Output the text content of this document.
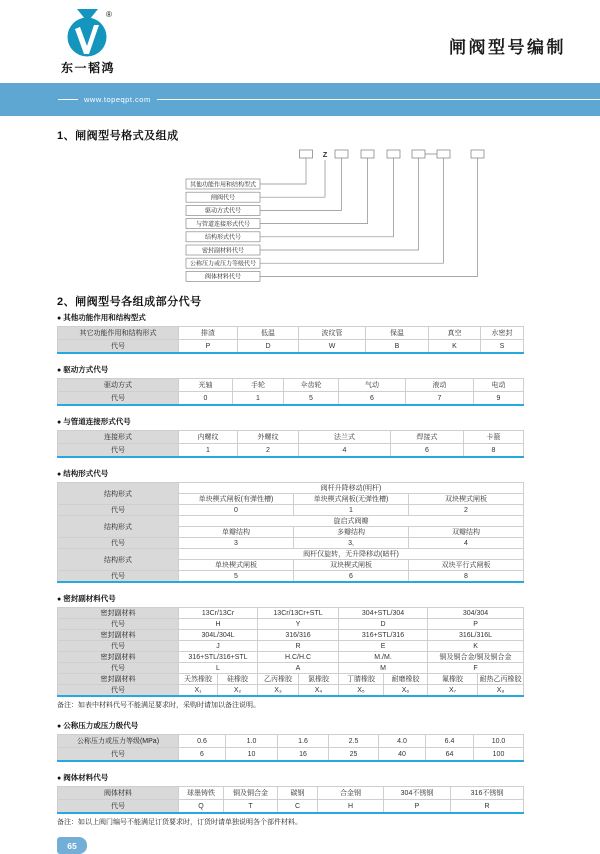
东一韬鸿
®
闸阀型号编制
www.topeqpt.com
1、闸阀型号格式及组成
Z
其他功能作用和结构型式
闸阀代号
驱动方式代号
与管道连接形式代号
结构形式代号
密封副材料代号
公称压力或压力等级代号
阀体材料代号
2、闸阀型号各组成部分代号
● 其他功能作用和结构型式
其它功能作用和结构形式	排渣	低温	波纹管	保温	真空	水密封
代号	P	D	W	B	K	S
● 驱动方式代号
驱动方式	光轴	手轮	伞齿轮	气动	液动	电动
代号	0	1	5	6	7	9
● 与管道连接形式代号
连接形式	内螺纹	外螺纹	法兰式	焊接式	卡箍
代号	1	2	4	6	8
● 结构形式代号
结构形式	阀杆升降移动(明杆)		
	单块楔式闸板(有弹性槽)	单块楔式闸板(无弹性槽)	双块楔式闸板
代号	0	1	2
结构形式	旋启式阀瓣		
	单瓣结构	多瓣结构	双瓣结构
代号	3	3,	4
结构形式	阀杆仅旋转，无升降移动(暗杆)		
	单块楔式闸板	双块楔式闸板	双块平行式闸板
代号	5	6	8
● 密封副材料代号
密封副材料	13Cr/13Cr		13Cr/13Cr+STL		304+STL/304		304/304	
代号	H		Y		D		P	
密封副材料	304L/304L		316/316		316+STL/316		316L/316L	
代号	J		R		E		K	
密封副材料	316+STL/316+STL		H.C/H.C		M./M.		铜及铜合金/铜及铜合金	
代号	L		A		M		F	
密封副材料	天然橡胶	硅橡胶	乙丙橡胶	氯橡胶	丁腈橡胶	耐磨橡胶	氟橡胶	耐热乙丙橡胶
代号	X₁	X₂	X₃	X₄	X₅	X₆	X₇	X₈
备注：如表中材料代号不能满足要求时，采购时请加以备注说明。
● 公称压力或压力级代号
公称压力或压力等级(MPa)	0.6	1.0	1.6	2.5	4.0	6.4	10.0
代号	6	10	16	25	40	64	100
● 阀体材料代号
阀体材料	球墨铸铁	铜及铜合金	碳钢	合金钢	304不锈钢	316不锈钢
代号	Q	T	C	H	P	R
备注：如以上阀门编号不能满足订货要求时，订货时请单独说明各个部件材料。
65
